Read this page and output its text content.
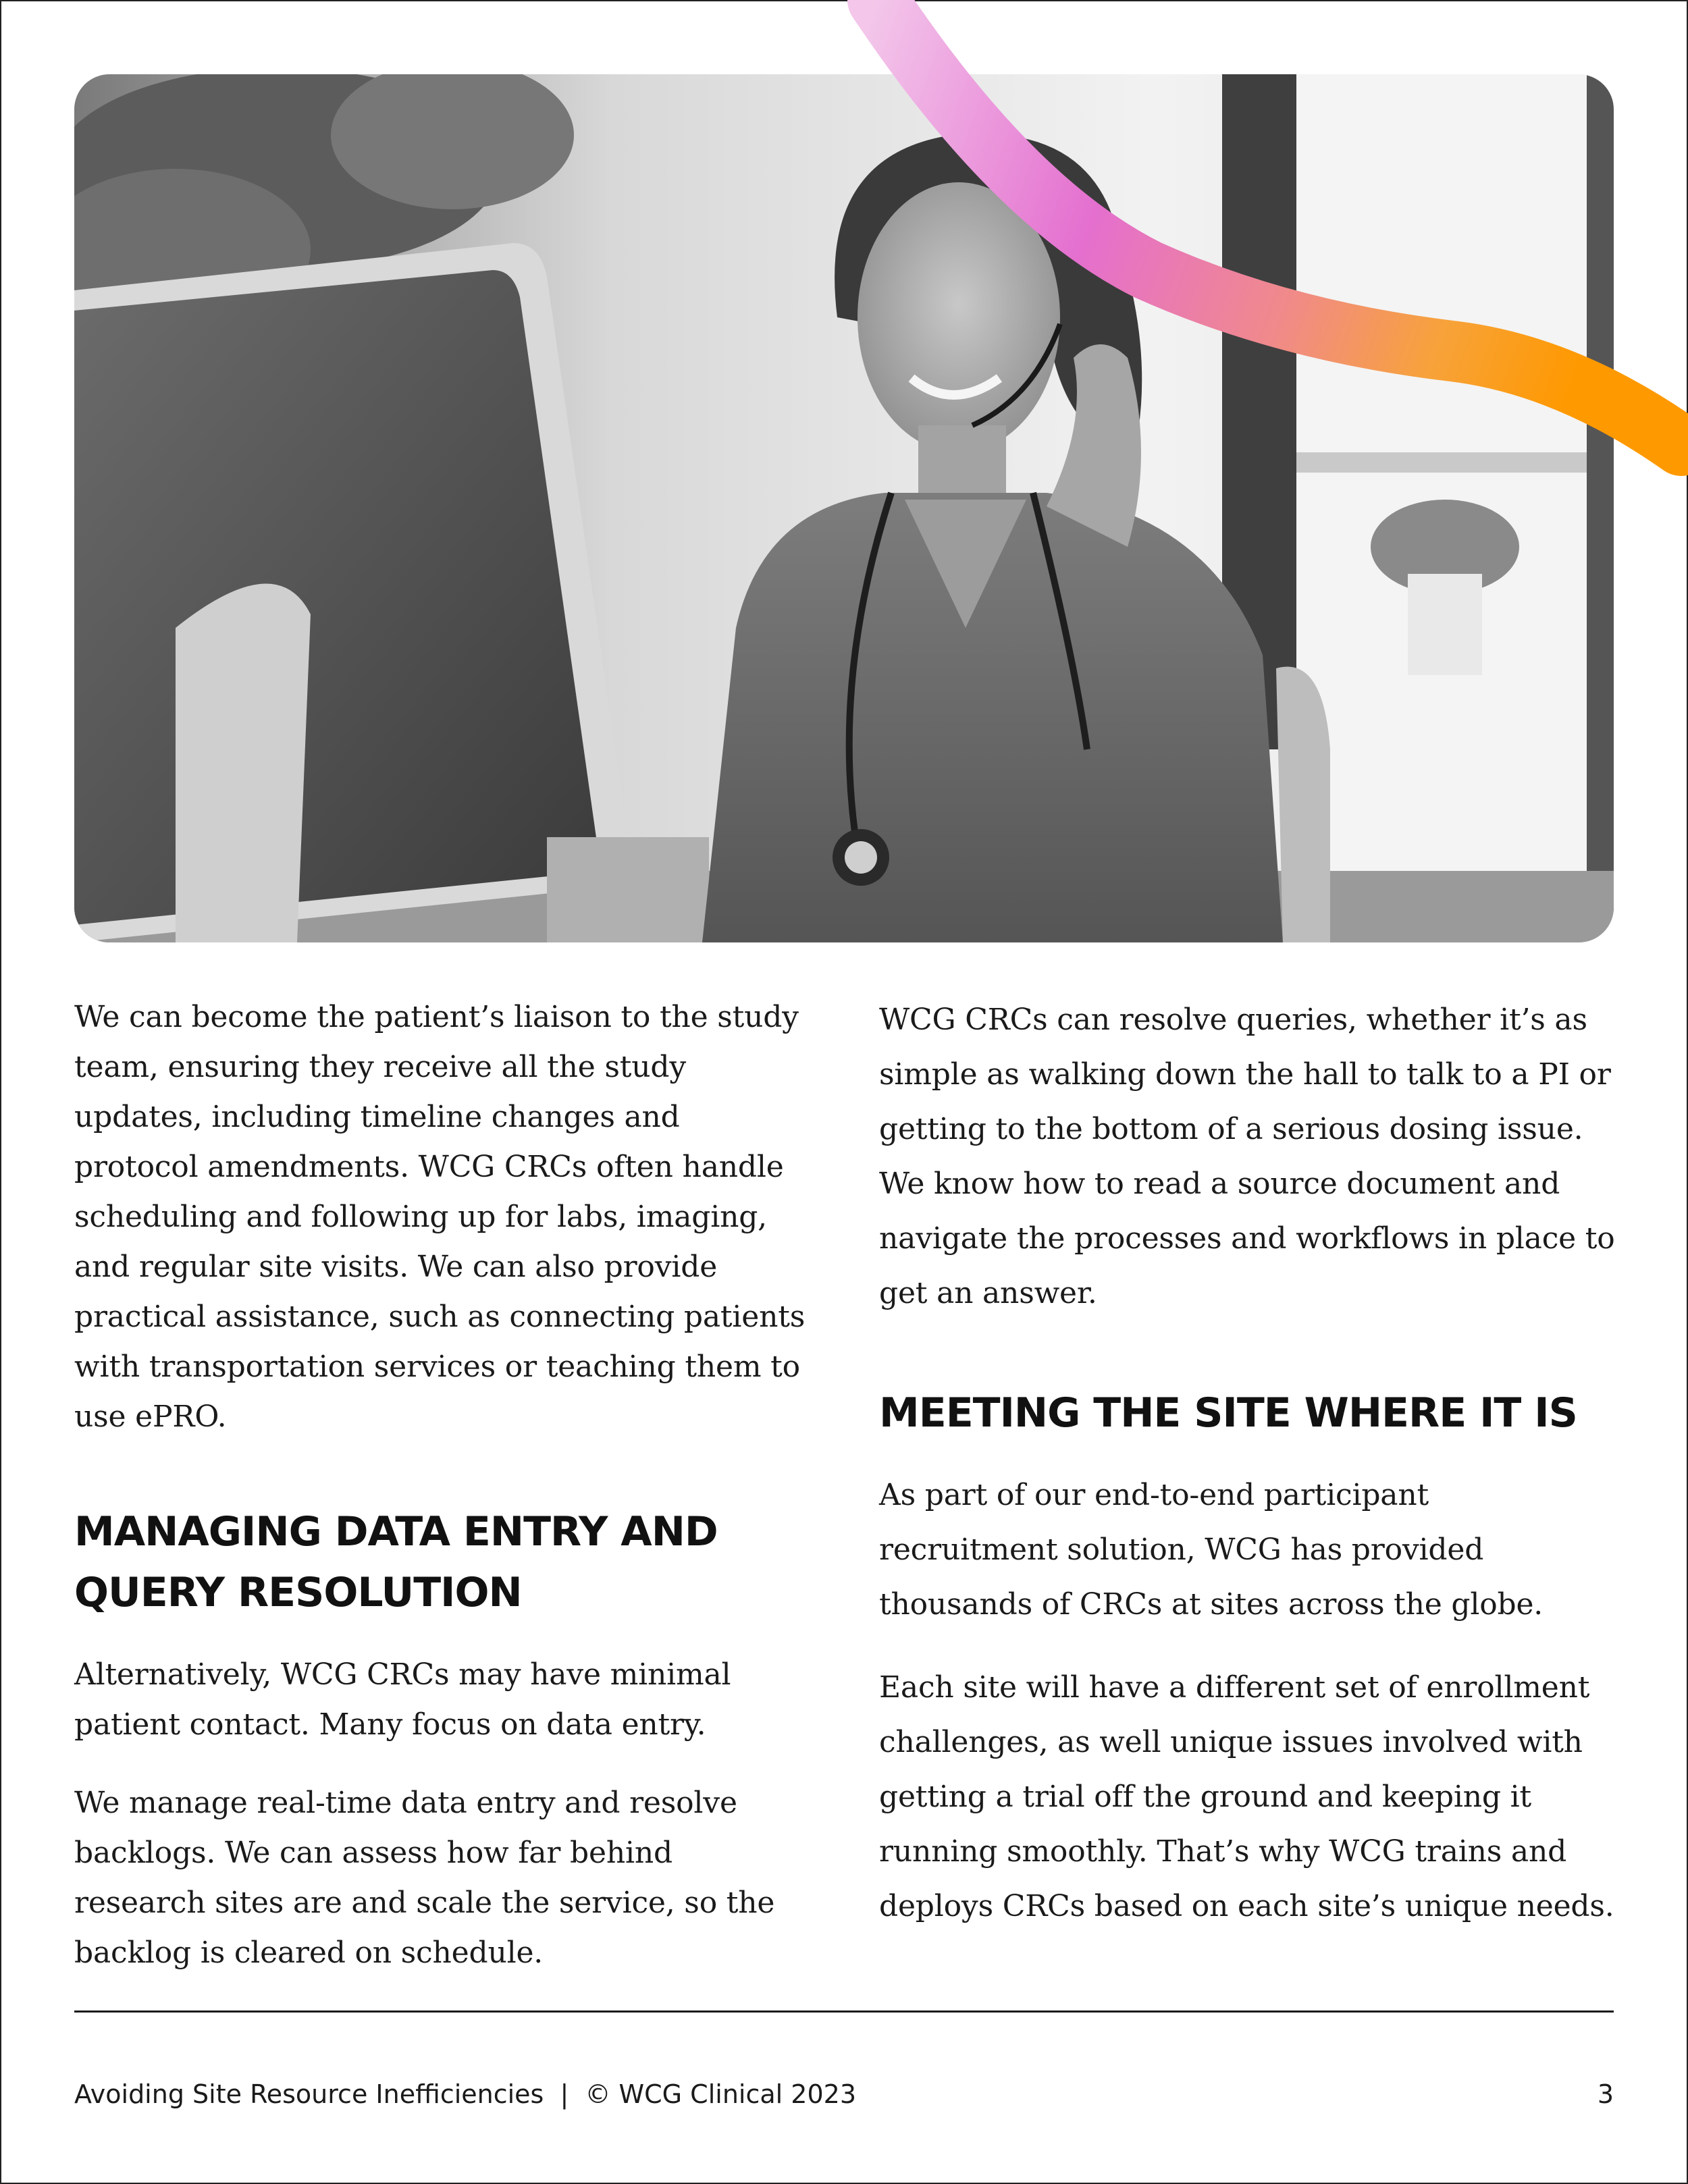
We can become the patient’s liaison to the study team, ensuring they receive all the study updates, including timeline changes and protocol amendments. WCG CRCs often handle scheduling and following up for labs, imaging, and regular site visits. We can also provide practical assistance, such as connecting patients with transportation services or teaching them to use ePRO.

MANAGING DATA ENTRY AND QUERY RESOLUTION

Alternatively, WCG CRCs may have minimal patient contact. Many focus on data entry.

We manage real-time data entry and resolve backlogs. We can assess how far behind research sites are and scale the service, so the backlog is cleared on schedule.

WCG CRCs can resolve queries, whether it’s as simple as walking down the hall to talk to a PI or getting to the bottom of a serious dosing issue. We know how to read a source document and navigate the processes and workflows in place to get an answer.

MEETING THE SITE WHERE IT IS

As part of our end-to-end participant recruitment solution, WCG has provided thousands of CRCs at sites across the globe.

Each site will have a different set of enrollment challenges, as well unique issues involved with getting a trial off the ground and keeping it running smoothly. That’s why WCG trains and deploys CRCs based on each site’s unique needs.

Avoiding Site Resource Inefficiencies  |  © WCG Clinical 2023	3
